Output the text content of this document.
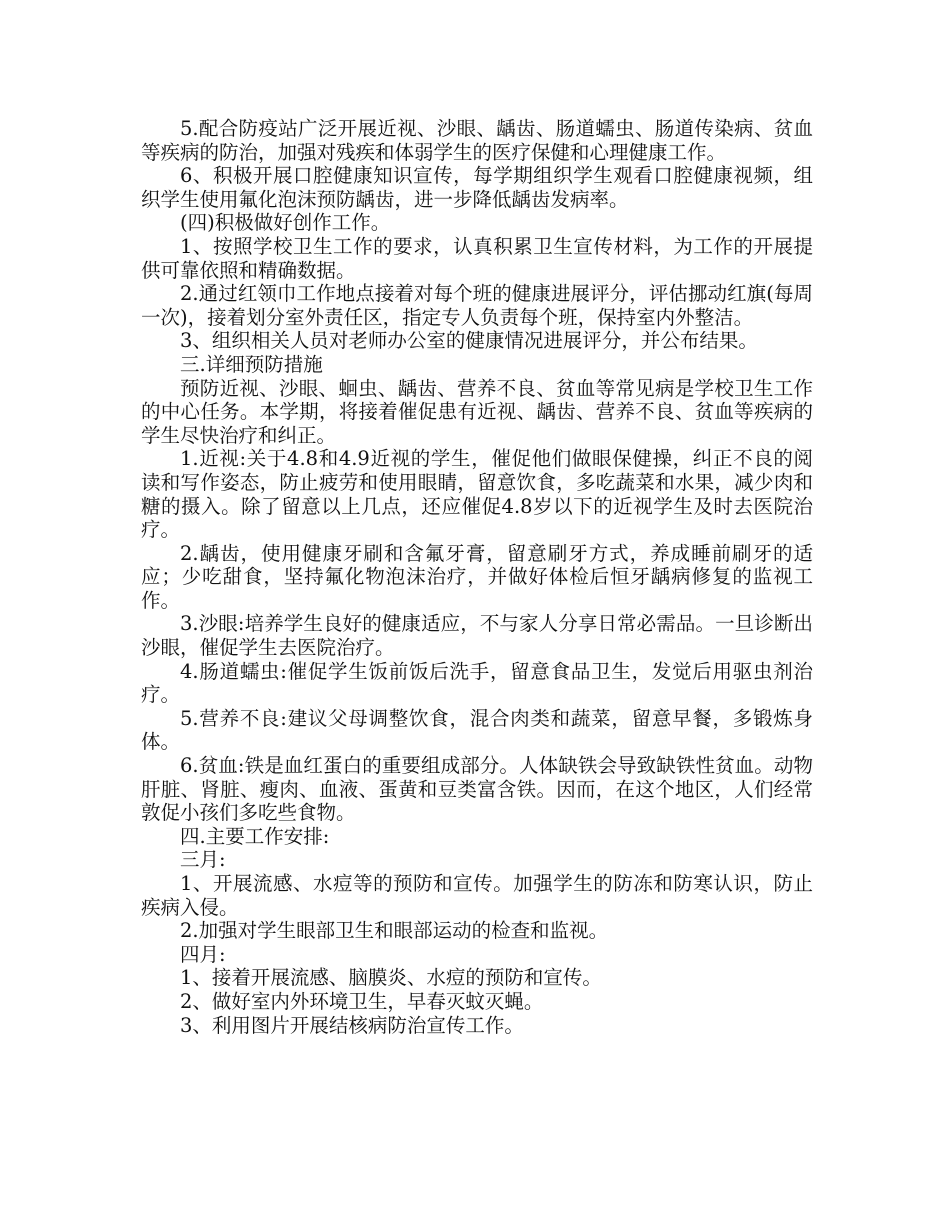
5.配合防疫站广泛开展近视、沙眼、龋齿、肠道蠕虫、肠道传染病、贫血等疾病的防治，加强对残疾和体弱学生的医疗保健和心理健康工作。

6、积极开展口腔健康知识宣传，每学期组织学生观看口腔健康视频，组织学生使用氟化泡沫预防龋齿，进一步降低龋齿发病率。

(四)积极做好创作工作。

1、按照学校卫生工作的要求，认真积累卫生宣传材料，为工作的开展提供可靠依照和精确数据。

2.通过红领巾工作地点接着对每个班的健康进展评分，评估挪动红旗(每周一次)，接着划分室外责任区，指定专人负责每个班，保持室内外整洁。

3、组织相关人员对老师办公室的健康情况进展评分，并公布结果。

三.详细预防措施

预防近视、沙眼、蛔虫、龋齿、营养不良、贫血等常见病是学校卫生工作的中心任务。本学期，将接着催促患有近视、龋齿、营养不良、贫血等疾病的学生尽快治疗和纠正。

1.近视:关于4.8和4.9近视的学生，催促他们做眼保健操，纠正不良的阅读和写作姿态，防止疲劳和使用眼睛，留意饮食，多吃蔬菜和水果，减少肉和糖的摄入。除了留意以上几点，还应催促4.8岁以下的近视学生及时去医院治疗。

2.龋齿，使用健康牙刷和含氟牙膏，留意刷牙方式，养成睡前刷牙的适应；少吃甜食，坚持氟化物泡沫治疗，并做好体检后恒牙龋病修复的监视工作。

3.沙眼:培养学生良好的健康适应，不与家人分享日常必需品。一旦诊断出沙眼，催促学生去医院治疗。

4.肠道蠕虫:催促学生饭前饭后洗手，留意食品卫生，发觉后用驱虫剂治疗。

5.营养不良:建议父母调整饮食，混合肉类和蔬菜，留意早餐，多锻炼身体。

6.贫血:铁是血红蛋白的重要组成部分。人体缺铁会导致缺铁性贫血。动物肝脏、肾脏、瘦肉、血液、蛋黄和豆类富含铁。因而，在这个地区，人们经常敦促小孩们多吃些食物。

四.主要工作安排:

三月:

1、开展流感、水痘等的预防和宣传。加强学生的防冻和防寒认识，防止疾病入侵。

2.加强对学生眼部卫生和眼部运动的检查和监视。

四月:

1、接着开展流感、脑膜炎、水痘的预防和宣传。

2、做好室内外环境卫生，早春灭蚊灭蝇。

3、利用图片开展结核病防治宣传工作。
